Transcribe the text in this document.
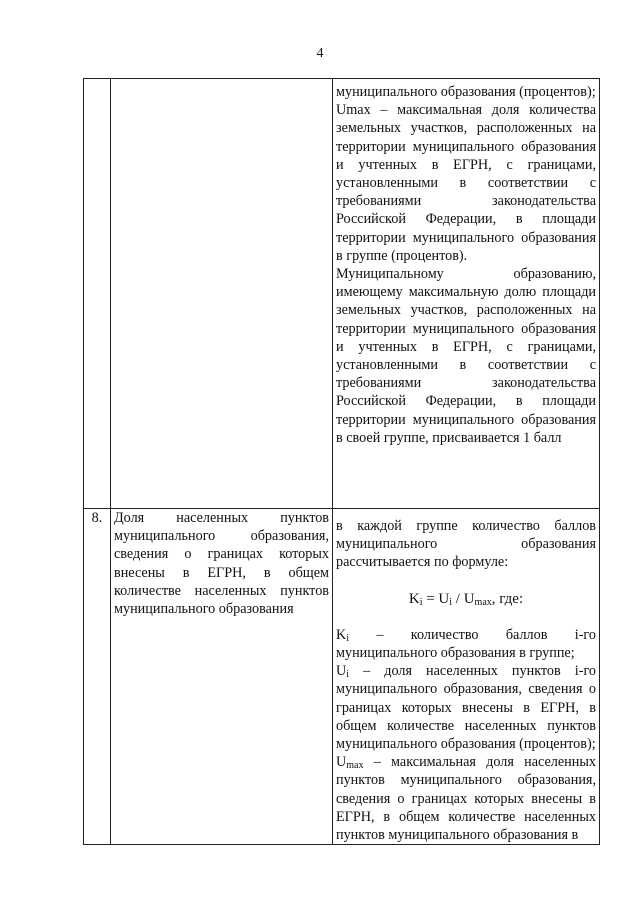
4

		муниципального образования (процентов);

Umax – максимальная доля количества земельных участков, расположенных на территории муниципального образования и учтенных в ЕГРН, с границами, установленными в соответствии с требованиями законодательства Российской Федерации, в площади территории муниципального образования в группе (процентов).

Муниципальному образованию, имеющему максимальную долю площади земельных участков, расположенных на территории муниципального образования и учтенных в ЕГРН, с границами, установленными в соответствии с требованиями законодательства Российской Федерации, в площади территории муниципального образования в своей группе, присваивается 1 балл

8.	Доля населенных пунктов муниципального образования, сведения о границах которых внесены в ЕГРН, в общем количестве населенных пунктов муниципального образования	в каждой группе количество баллов муниципального образования рассчитывается по формуле:

$K_i = U_i / U_{max}$, где:

$K_i$ – количество баллов i-го муниципального образования в группе;

$U_i$ – доля населенных пунктов i-го муниципального образования, сведения о границах которых внесены в ЕГРН, в общем количестве населенных пунктов муниципального образования (процентов);

$U_{max}$ – максимальная доля населенных пунктов муниципального образования, сведения о границах которых внесены в ЕГРН, в общем количестве населенных пунктов муниципального образования в
